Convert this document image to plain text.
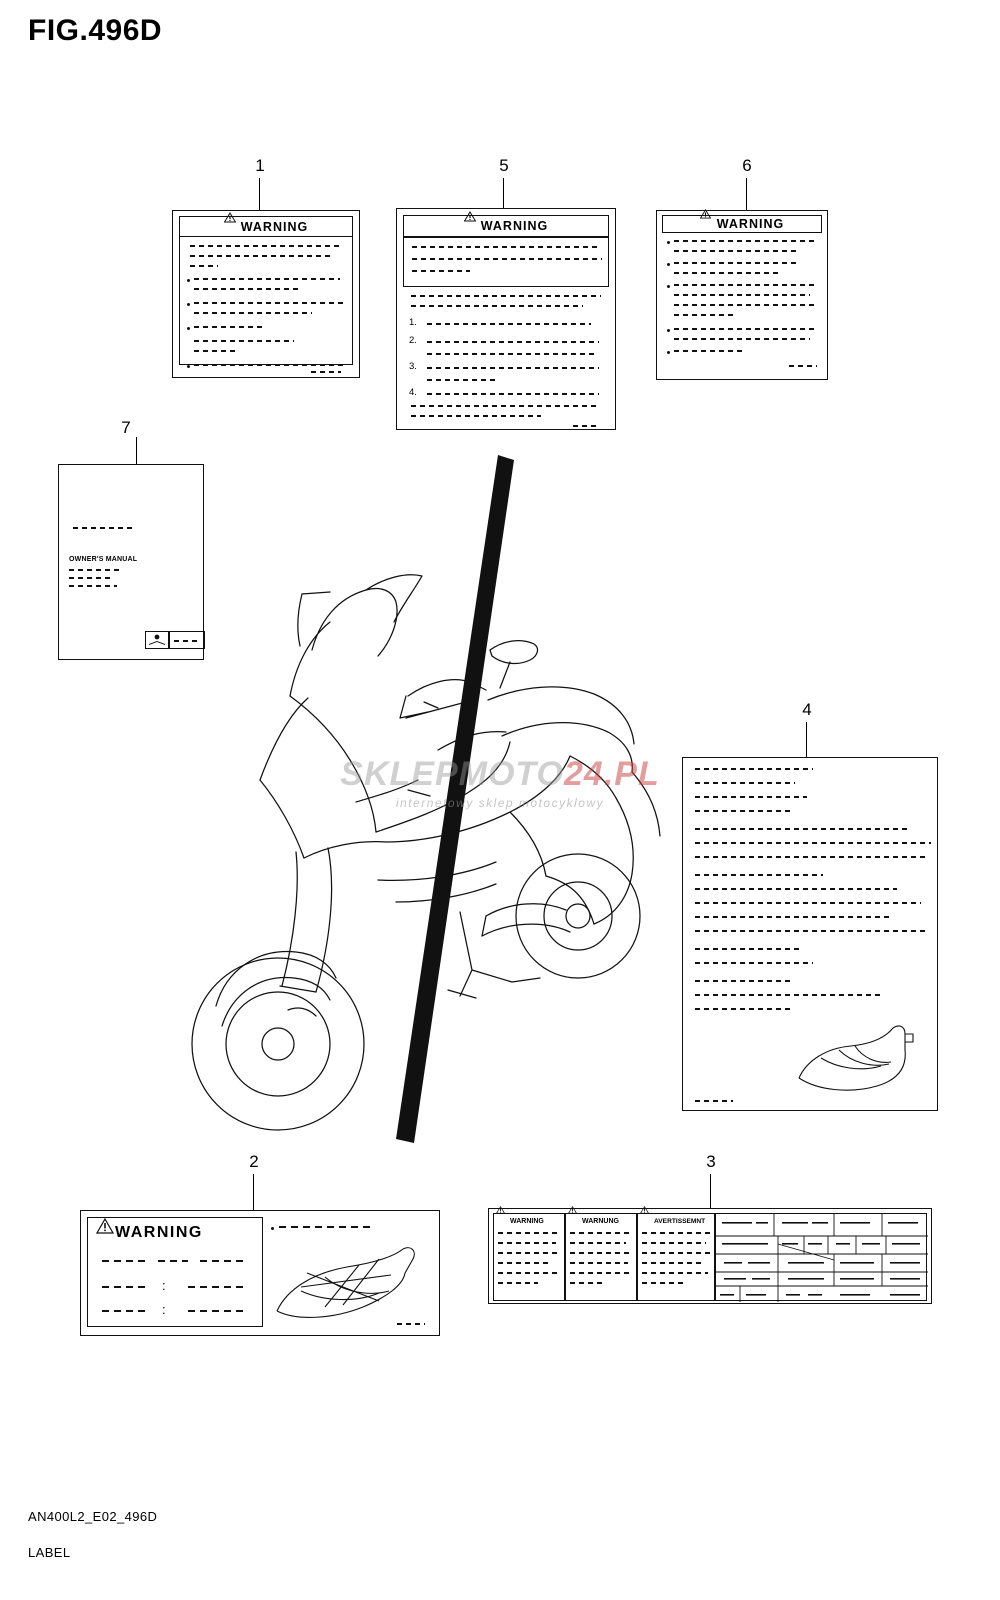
FIG.496D
1
WARNING
5
WARNING
1.
2.
3.
4.
6
WARNING
7
OWNER'S MANUAL
SKLEPMOTO24.PL
internetowy sklep motocyklowy
4
2
WARNING
:
:
3
WARNING	WARNUNG	AVERTISSEMNT
AN400L2_E02_496D
LABEL
